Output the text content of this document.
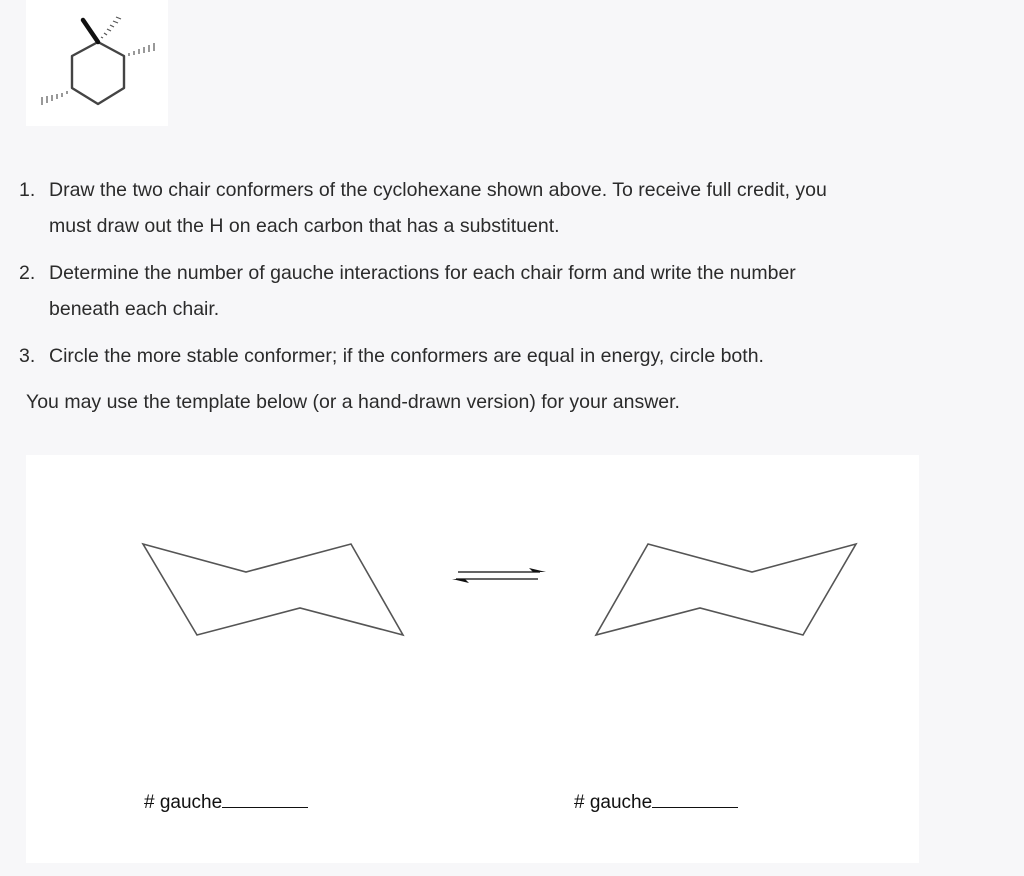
1. Draw the two chair conformers of the cyclohexane shown above. To receive full credit, you
must draw out the H on each carbon that has a substituent.
2. Determine the number of gauche interactions for each chair form and write the number
beneath each chair.
3. Circle the more stable conformer; if the conformers are equal in energy, circle both.
You may use the template below (or a hand-drawn version) for your answer.
# gauche	# gauche
